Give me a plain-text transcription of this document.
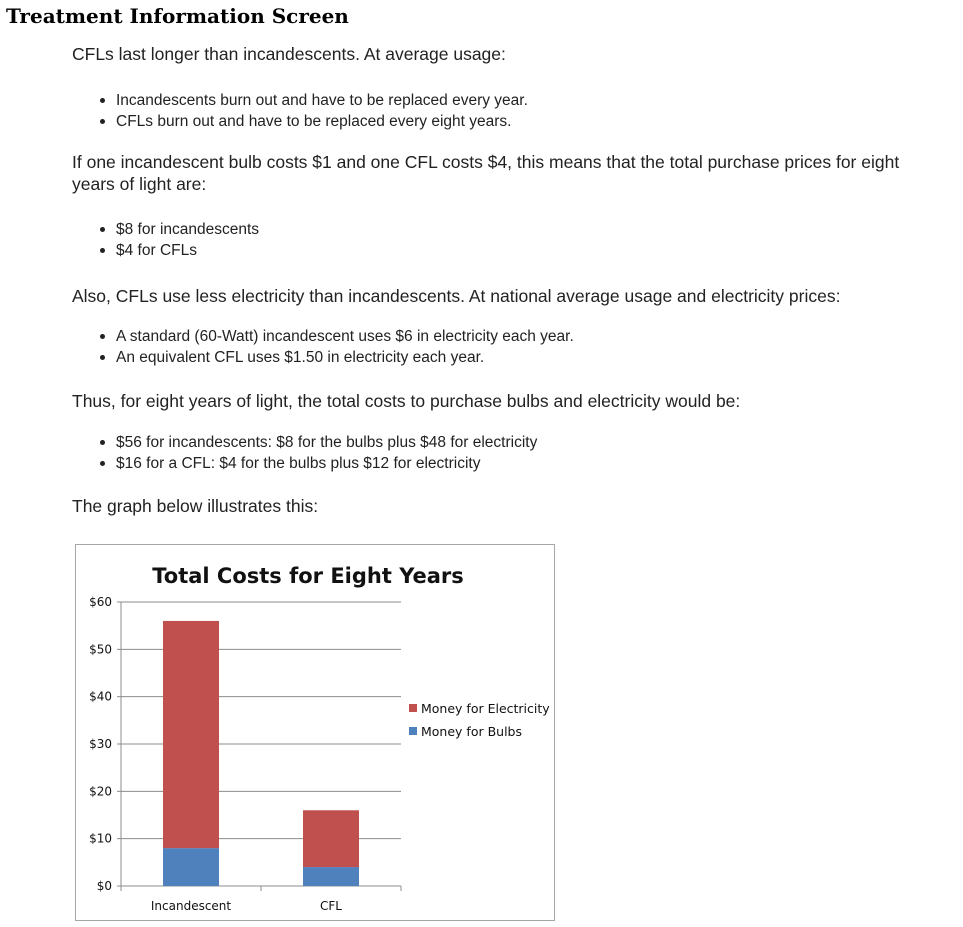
Treatment Information Screen

CFLs last longer than incandescents. At average usage:

Incandescents burn out and have to be replaced every year.
CFLs burn out and have to be replaced every eight years.

If one incandescent bulb costs $1 and one CFL costs $4, this means that the total purchase prices for eight years of light are:

$8 for incandescents
$4 for CFLs

Also, CFLs use less electricity than incandescents. At national average usage and electricity prices:

A standard (60-Watt) incandescent uses $6 in electricity each year.
An equivalent CFL uses $1.50 in electricity each year.

Thus, for eight years of light, the total costs to purchase bulbs and electricity would be:

$56 for incandescents: $8 for the bulbs plus $48 for electricity
$16 for a CFL: $4 for the bulbs plus $12 for electricity

The graph below illustrates this:

Total Costs for Eight Years
$0
$10
$20
$30
$40
$50
$60
Incandescent	CFL
Money for Electricity
Money for Bulbs
